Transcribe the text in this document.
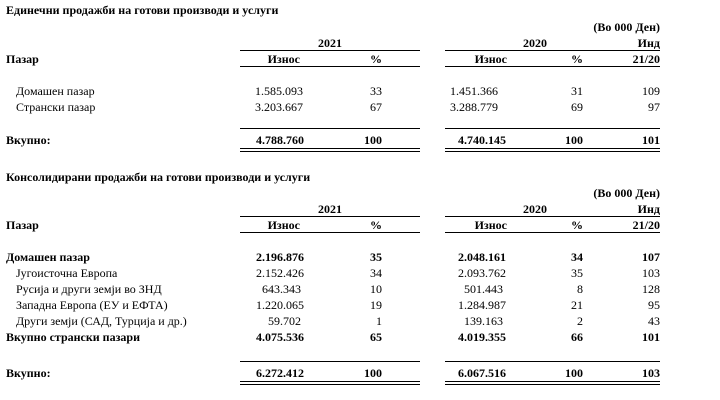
Единечни продажби на готови производи и услуги
(Во 000 Ден)
2021	2020	Инд
Пазар	Износ	%	Износ	%	21/20
Домашен пазар	1.585.093	33	1.451.366	31	109
Странски пазар	3.203.667	67	3.288.779	69	97
Вкупно:	4.788.760	100	4.740.145	100	101
Консолидирани продажби на готови производи и услуги
(Во 000 Ден)
2021	2020	Инд
Пазар	Износ	%	Износ	%	21/20
Домашен пазар	2.196.876	35	2.048.161	34	107
Југоисточна Европа	2.152.426	34	2.093.762	35	103
Русија и други земји во ЗНД	643.343	10	501.443	8	128
Западна Европа (ЕУ и ЕФТА)	1.220.065	19	1.284.987	21	95
Други земји (САД, Турција и др.)	59.702	1	139.163	2	43
Вкупно странски пазари	4.075.536	65	4.019.355	66	101
Вкупно:	6.272.412	100	6.067.516	100	103
